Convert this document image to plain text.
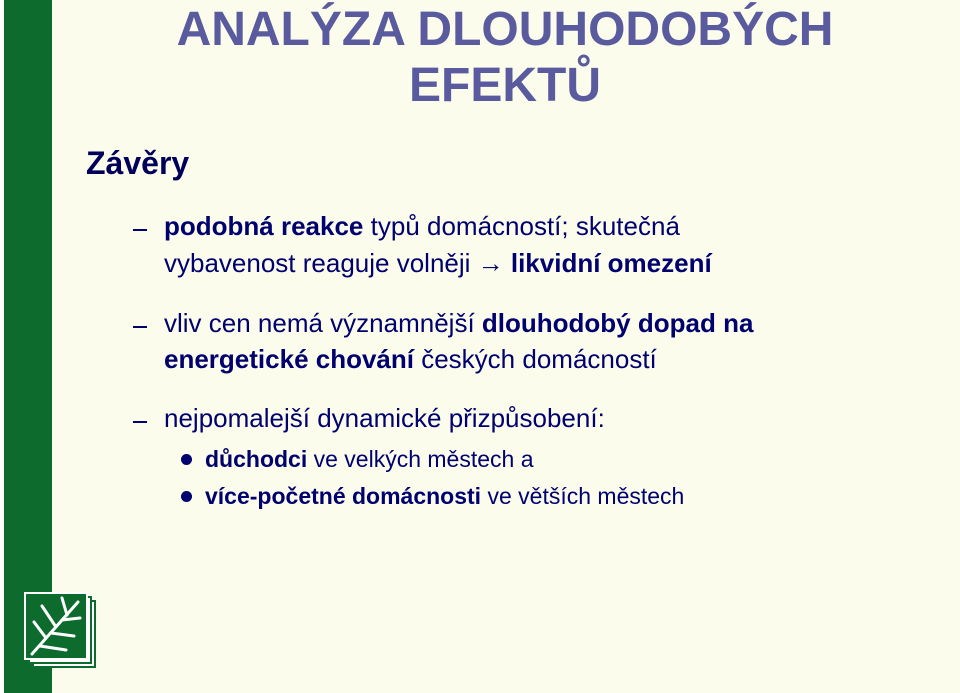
ANALÝZA DLOUHODOBÝCH
EFEKTŮ
Závěry
podobná reakce typů domácností; skutečná
vybavenost reaguje volněji → likvidní omezení
vliv cen nemá významnější dlouhodobý dopad na
energetické chování českých domácností
nejpomalejší dynamické přizpůsobení:
důchodci ve velkých městech a
více-početné domácnosti ve větších městech
